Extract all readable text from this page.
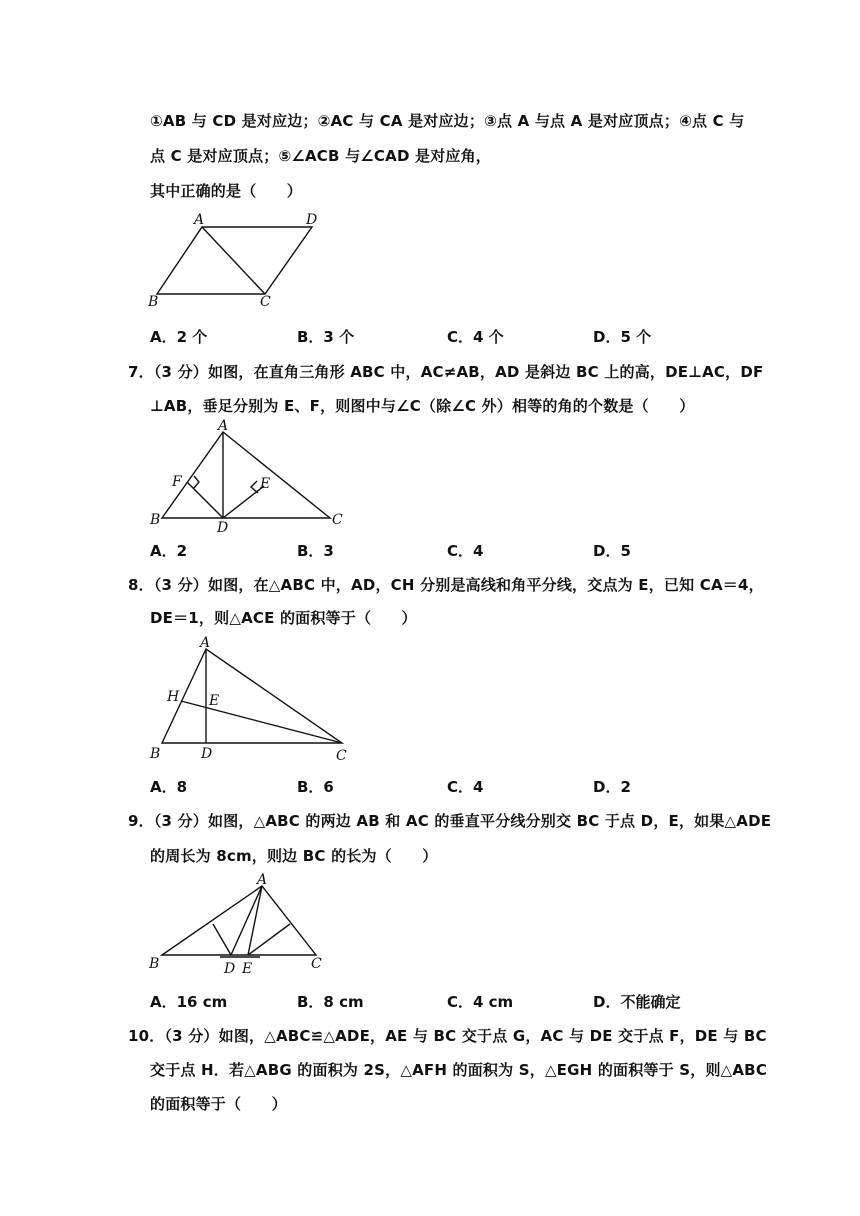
①AB 与 CD 是对应边；②AC 与 CA 是对应边；③点 A 与点 A 是对应顶点；④点 C 与
点 C 是对应顶点；⑤∠ACB 与∠CAD 是对应角，
其中正确的是（　　）
A	D
B	C
A．2 个	B．3 个	C．4 个	D．5 个
7．（3 分）如图，在直角三角形 ABC 中，AC≠AB，AD 是斜边 BC 上的高，DE⊥AC，DF
⊥AB，垂足分别为 E、F，则图中与∠C（除∠C 外）相等的角的个数是（　　）
A
E
F
B	D	C
A．2	B．3	C．4	D．5
8．（3 分）如图，在△ABC 中，AD，CH 分别是高线和角平分线，交点为 E，已知 CA＝4，
DE＝1，则△ACE 的面积等于（　　）
A
H E
B	D	C
A．8	B．6	C．4	D．2
9．（3 分）如图，△ABC 的两边 AB 和 AC 的垂直平分线分别交 BC 于点 D，E，如果△ADE
的周长为 8cm，则边 BC 的长为（　　）
A
B	D E	C
A．16 cm	B．8 cm	C．4 cm	D．不能确定
10．（3 分）如图，△ABC≌△ADE，AE 与 BC 交于点 G，AC 与 DE 交于点 F，DE 与 BC
交于点 H．若△ABG 的面积为 2S，△AFH 的面积为 S，△EGH 的面积等于 S，则△ABC
的面积等于（　　）
